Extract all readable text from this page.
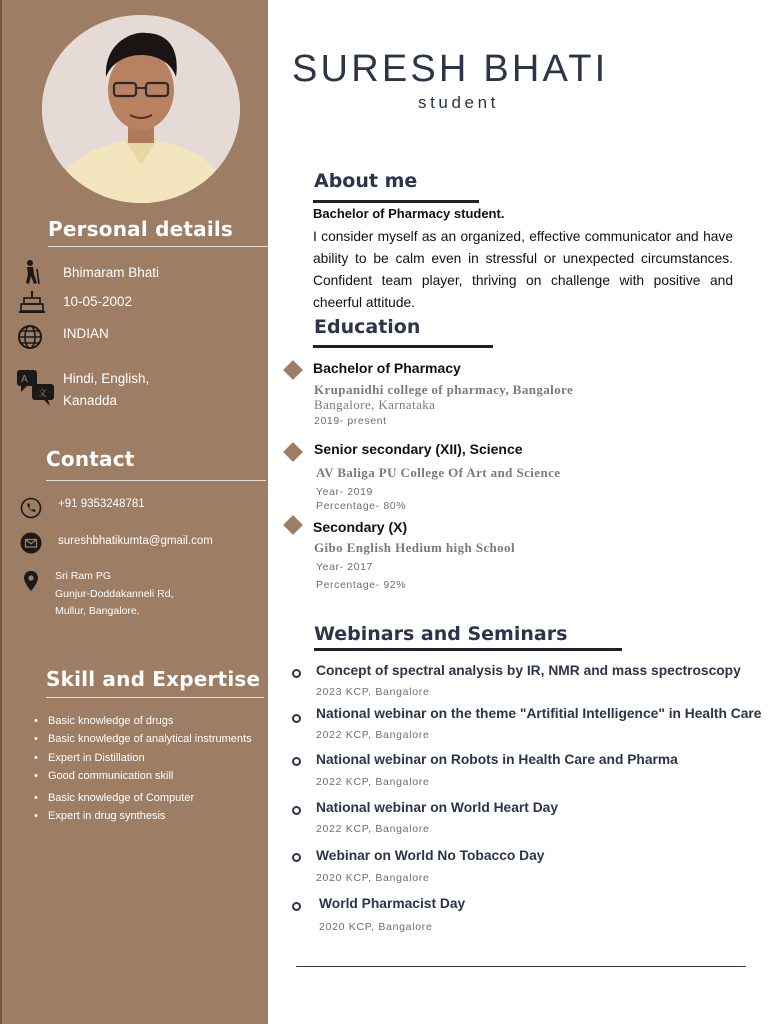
Personal details
Bhimaram Bhati
10-05-2002
INDIAN
A
文
Hindi, English,
Kanadda
Contact
+91 9353248781
sureshbhatikumta@gmail.com
Sri Ram PG
Gunjur-Doddakanneli Rd,
Mullur, Bangalore.
Skill and Expertise
• Basic knowledge of drugs
• Basic knowledge of analytical instruments
• Expert in Distillation
• Good communication skill
• Basic knowledge of Computer
• Expert in drug synthesis
SURESH BHATI
student
About me
Bachelor of Pharmacy student.
I consider myself as an organized, effective communicator and have ability to be calm even in stressful or unexpected circumstances. Confident team player, thriving on challenge with positive and cheerful attitude.
Education
Bachelor of Pharmacy
Krupanidhi college of pharmacy, Bangalore
Bangalore, Karnataka
2019- present
Senior secondary (XII), Science
AV Baliga PU College Of Art and Science
Year- 2019
Percentage- 80%
Secondary (X)
Gibo English Hedium high School
Year- 2017
Percentage- 92%
Webinars and Seminars
Concept of spectral analysis by IR, NMR and mass spectroscopy
2023 KCP, Bangalore
National webinar on the theme "Artifitial Intelligence" in Health Care
2022 KCP, Bangalore
National webinar on Robots in Health Care and Pharma
2022 KCP, Bangalore
National webinar on World Heart Day
2022 KCP, Bangalore
Webinar on World No Tobacco Day
2020 KCP, Bangalore
World Pharmacist Day
2020 KCP, Bangalore
